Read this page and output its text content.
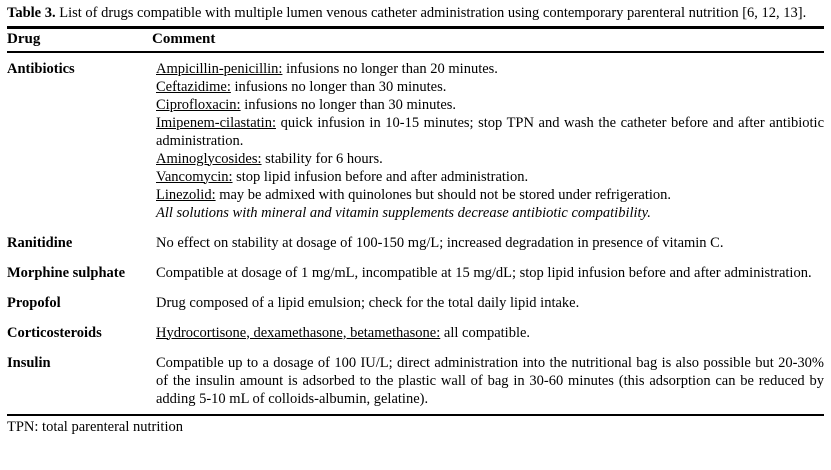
Table 3. List of drugs compatible with multiple lumen venous catheter administration using contemporary parenteral nutrition [6, 12, 13].

Drug	Comment
Antibiotics	Ampicillin-penicillin: infusions no longer than 20 minutes.
Ceftazidime: infusions no longer than 30 minutes.
Ciprofloxacin: infusions no longer than 30 minutes.
Imipenem-cilastatin: quick infusion in 10-15 minutes; stop TPN and wash the catheter before and after antibiotic administration.
Aminoglycosides: stability for 6 hours.
Vancomycin: stop lipid infusion before and after administration.
Linezolid: may be admixed with quinolones but should not be stored under refrigeration.
All solutions with mineral and vitamin supplements decrease antibiotic compatibility.
Ranitidine	No effect on stability at dosage of 100-150 mg/L; increased degradation in presence of vitamin C.
Morphine sulphate	Compatible at dosage of 1 mg/mL, incompatible at 15 mg/dL; stop lipid infusion before and after administration.
Propofol	Drug composed of a lipid emulsion; check for the total daily lipid intake.
Corticosteroids	Hydrocortisone, dexamethasone, betamethasone: all compatible.
Insulin	Compatible up to a dosage of 100 IU/L; direct administration into the nutritional bag is also possible but 20-30% of the insulin amount is adsorbed to the plastic wall of bag in 30-60 minutes (this adsorption can be reduced by adding 5-10 mL of colloids-albumin, gelatine).

TPN: total parenteral nutrition
